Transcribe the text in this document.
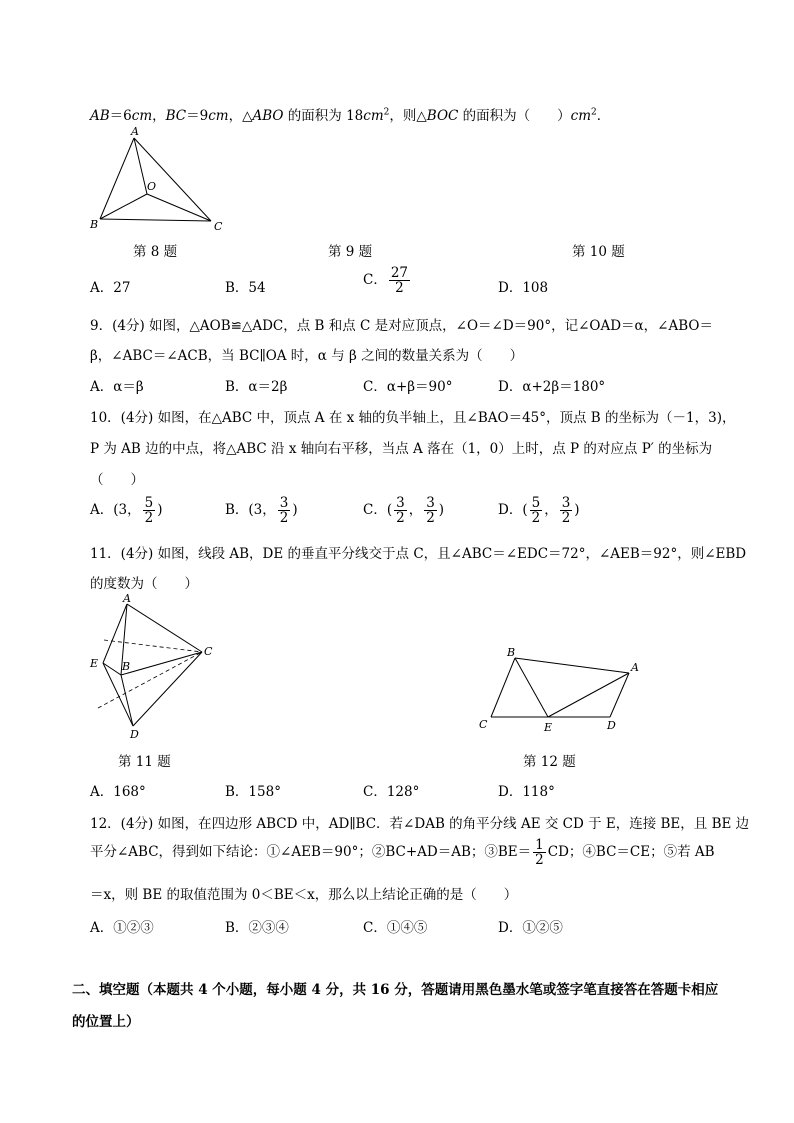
AB＝6cm，BC＝9cm，△ABO 的面积为 $18cm^2$，则△BOC 的面积为（　　）$cm^2$．
A
B	C
O
第 8 题	第 9 题	第 10 题
A．27	B．54	C． $\frac{27}{2}$	D．108
9．(4分) 如图，△AOB≌△ADC，点 B 和点 C 是对应顶点，∠O＝∠D＝90°，记∠OAD＝α，∠ABO＝
β，∠ABC＝∠ACB，当 BC∥OA 时，α 与 β 之间的数量关系为（　　）
A．α＝β	B．α＝2β	C．α+β＝90°	D．α+2β＝180°
10．(4分) 如图，在△ABC 中，顶点 A 在 x 轴的负半轴上，且∠BAO＝45°，顶点 B 的坐标为（－1，3)，
P 为 AB 边的中点，将△ABC 沿 x 轴向右平移，当点 A 落在（1，0）上时，点 P 的对应点 P′ 的坐标为
（　　）
A．(3， $\frac{5}{2}$ )	B．(3， $\frac{3}{2}$ )	C．( $\frac{3}{2}$ ， $\frac{3}{2}$ )	D．( $\frac{5}{2}$ ， $\frac{3}{2}$ )
11．(4分) 如图，线段 AB，DE 的垂直平分线交于点 C，且∠ABC＝∠EDC＝72°，∠AEB＝92°，则∠EBD
的度数为（　　）
A
E B
C
D
B
A
C	E	D
第 11 题	第 12 题
A．168°	B．158°	C．128°	D．118°
12．(4分) 如图，在四边形 ABCD 中，AD∥BC．若∠DAB 的角平分线 AE 交 CD 于 E，连接 BE，且 BE 边
平分∠ABC，得到如下结论：①∠AEB＝90°；②BC+AD＝AB；③BE＝ $\frac{1}{2}$ CD；④BC＝CE；⑤若 AB
＝x，则 BE 的取值范围为 0＜BE＜x，那么以上结论正确的是（　　）
A．①②③	B．②③④	C．①④⑤	D．①②⑤
二、填空题（本题共 4 个小题，每小题 4 分，共 16 分，答题请用黑色墨水笔或签字笔直接答在答题卡相应
的位置上）
